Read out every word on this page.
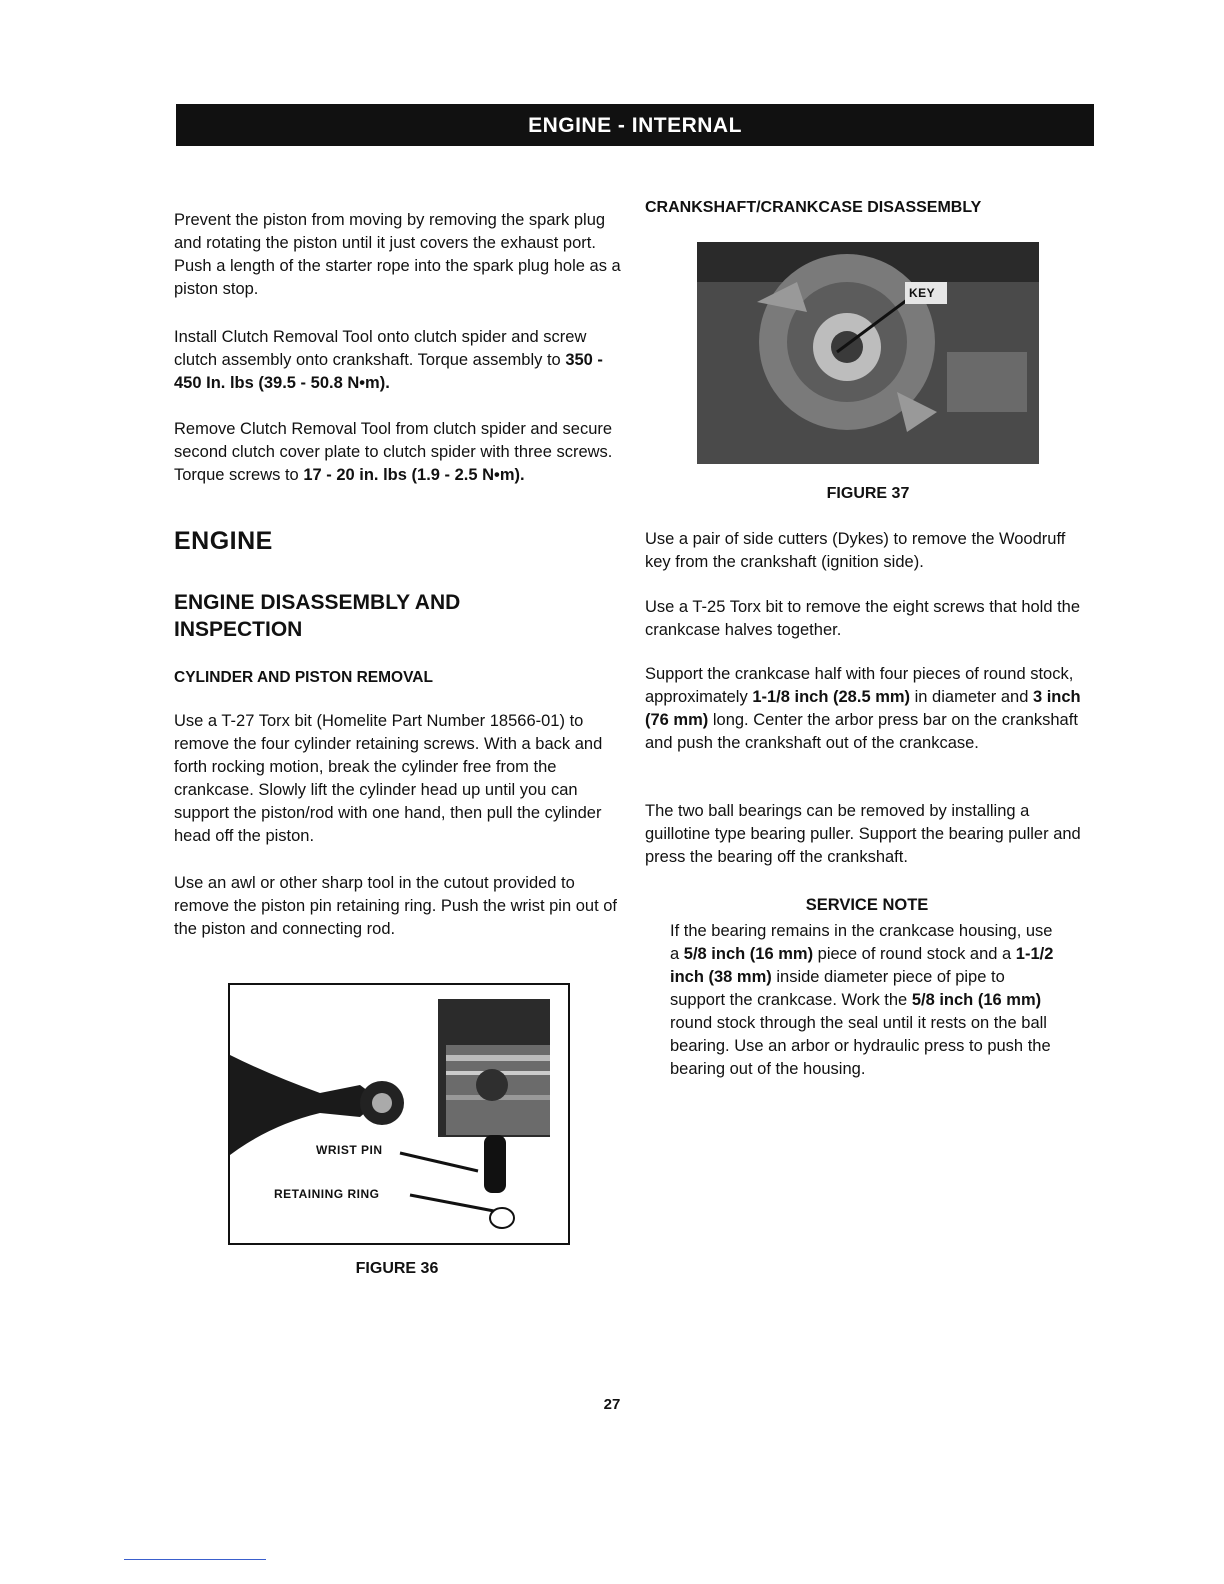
ENGINE - INTERNAL

Prevent the piston from moving by removing the spark plug and rotating the piston until it just covers the exhaust port. Push a length of the starter rope into the spark plug hole as a piston stop.

Install Clutch Removal Tool onto clutch spider and screw clutch assembly onto crankshaft. Torque assembly to 350 - 450 In. lbs (39.5 - 50.8 N•m).

Remove Clutch Removal Tool from clutch spider and secure second clutch cover plate to clutch spider with three screws. Torque screws to 17 - 20 in. lbs (1.9 - 2.5 N•m).

ENGINE
ENGINE DISASSEMBLY AND INSPECTION
CYLINDER AND PISTON REMOVAL

Use a T-27 Torx bit (Homelite Part Number 18566-01) to remove the four cylinder retaining screws. With a back and forth rocking motion, break the cylinder free from the crankcase. Slowly lift the cylinder head up until you can support the piston/rod with one hand, then pull the cylinder head off the piston.

Use an awl or other sharp tool in the cutout provided to remove the piston pin retaining ring. Push the wrist pin out of the piston and connecting rod.

WRIST PIN
RETAINING RING
FIGURE 36
CRANKSHAFT/CRANKCASE DISASSEMBLY
KEY
FIGURE 37

Use a pair of side cutters (Dykes) to remove the Woodruff key from the crankshaft (ignition side).

Use a T-25 Torx bit to remove the eight screws that hold the crankcase halves together.

Support the crankcase half with four pieces of round stock, approximately 1-1/8 inch (28.5 mm) in diameter and 3 inch (76 mm) long. Center the arbor press bar on the crankshaft and push the crankshaft out of the crankcase.

The two ball bearings can be removed by installing a guillotine type bearing puller. Support the bearing puller and press the bearing off the crankshaft.

SERVICE NOTE
If the bearing remains in the crankcase housing, use a 5/8 inch (16 mm) piece of round stock and a 1-1/2 inch (38 mm) inside diameter piece of pipe to support the crankcase. Work the 5/8 inch (16 mm) round stock through the seal until it rests on the ball bearing. Use an arbor or hydraulic press to push the bearing out of the housing.
27
